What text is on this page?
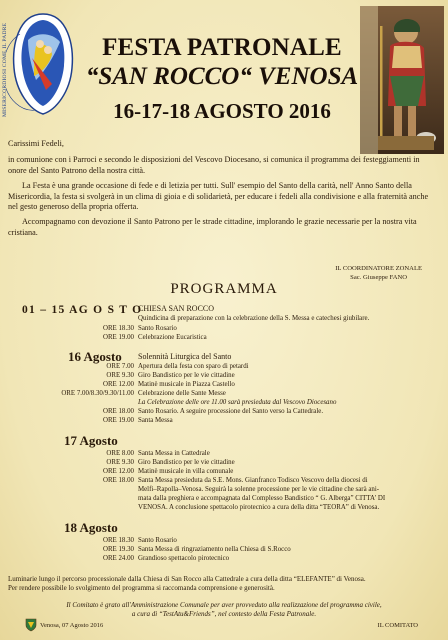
MISERICORDIOSI COME IL PADRE	FESTA PATRONALE
“SAN ROCCO“ VENOSA
16-17-18 AGOSTO 2016
Carissimi Fedeli,
in comunione con i Parroci e secondo le disposizioni del Vescovo Diocesano, si comunica il programma dei festeggiamenti in onore del Santo Patrono della nostra città.
La Festa è una grande occasione di fede e di letizia per tutti. Sull' esempio del Santo della carità, nell' Anno Santo della Misericordia, la festa si svolgerà in un clima di gioia e di solidarietà, per educare i fedeli alla condivisione e alla fraternità anche nel gesto generoso della propria offerta.
Accompagnamo con devozione il Santo Patrono per le strade cittadine, implorando le grazie necessarie per la nostra vita cristiana.
IL COORDINATORE ZONALE
Sac. Giuseppe FANO
PROGRAMMA
01 – 15 AG O S T O
CHIESA SAN ROCCO
Quindicina di preparazione con la celebrazione della S. Messa e catechesi giubilare.
ORE 18.30 Santo Rosario
ORE 19.00 Celebrazione Eucaristica
16 Agosto Solennità Liturgica del Santo
ORE 7.00 Apertura della festa con sparo di petardi
ORE 9.30 Giro Bandistico per le vie cittadine
ORE 12.00 Matinè musicale in Piazza Castello
ORE 7.00/8.30/9.30/11.00 Celebrazione delle Sante Messe
La Celebrazione delle ore 11.00 sarà presieduta dal Vescovo Diocesano
ORE 18.00 Santo Rosario. A seguire processione del Santo verso la Cattedrale.
ORE 19.00 Santa Messa
17 Agosto
ORE 8.00 Santa Messa in Cattedrale
ORE 9.30 Giro Bandistico per le vie cittadine
ORE 12.00 Matinè musicale in villa comunale
ORE 18.00 Santa Messa presieduta da S.E. Mons. Gianfranco Todisco Vescovo della diocesi di
Melfi–Rapolla–Venosa. Seguirà la solenne processione per le vie cittadine che sarà ani-
mata dalla preghiera e accompagnata dal Complesso Bandistico “ G. Alberga” CITTA' DI
VENOSA. A conclusione spettacolo pirotecnico a cura della ditta “TEORA” di Venosa.
18 Agosto
ORE 18.30 Santo Rosario
ORE 19.30 Santa Messa di ringraziamento nella Chiesa di S.Rocco
ORE 24.00 Grandioso spettacolo pirotecnico
Luminarie lungo il percorso processionale dalla Chiesa di San Rocco alla Cattedrale a cura della ditta “ELEFANTE” di Venosa.
Per rendere possibile lo svolgimento del programma si raccomanda comprensione e generosità.
Il Comitato è grato all'Amministrazione Comunale per aver provveduto alla realizzazione del programma civile,
a cura di “TestAtu&Friends”, nel contesto della Festa Patronale.
Venosa, 07 Agosto 2016	IL COMITATO
